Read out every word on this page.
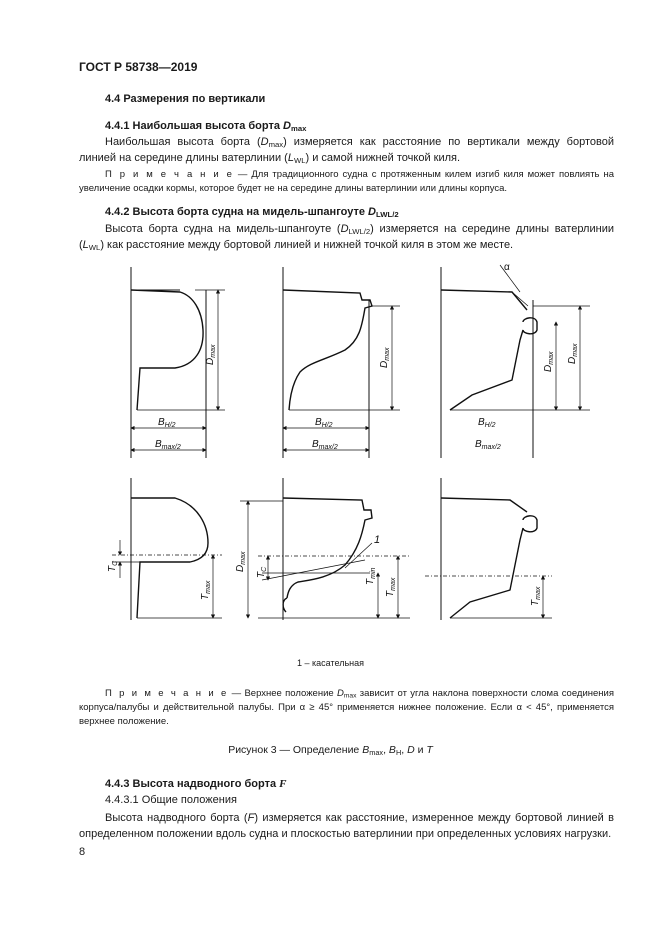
ГОСТ Р 58738—2019
4.4 Размерения по вертикали
4.4.1 Наибольшая высота борта $D_{max}$
Наибольшая высота борта $(D_{max})$ измеряется как расстояние по вертикали между бортовой линией на середине длины ватерлинии $(L_{WL})$ и самой нижней точкой киля.
П р и м е ч а н и е — Для традиционного судна с протяженным килем изгиб киля может повлиять на увеличение осадки кормы, которое будет не на середине длины ватерлинии или длины корпуса.
4.4.2 Высота борта судна на мидель-шпангоуте $D_{LWL/2}$
Высота борта судна на мидель-шпангоуте $(D_{LWL/2})$ измеряется на середине длины ватерлинии $(L_{WL})$ как расстояние между бортовой линией и нижней точкой киля в этом же месте.
$D_{max}$
$B_{H/2}$
$B_{max/2}$
$D_{max}$
$B_{H/2}$
$B_{max/2}$
α
$D_{max}$ $D_{max}$
$B_{H/2}$
$B_{max/2}$
$T_C$
$T_{max}$
1
$D_{max}$
$T_C$
$T_{min}$
$T_{max}$
$T_{max}$
1 – касательная
П р и м е ч а н и е — Верхнее положение $D_{max}$ зависит от угла наклона поверхности слома соединения корпуса/палубы и действительной палубы. При α ≥ 45° применяется нижнее положение. Если α < 45°, применяется верхнее положение.
Рисунок 3 — Определение $B_{max}$, $B_H$, D и T
4.4.3 Высота надводного борта F
4.4.3.1 Общие положения
Высота надводного борта (F) измеряется как расстояние, измеренное между бортовой линией в определенном положении вдоль судна и плоскостью ватерлинии при определенных условиях нагрузки.
8
